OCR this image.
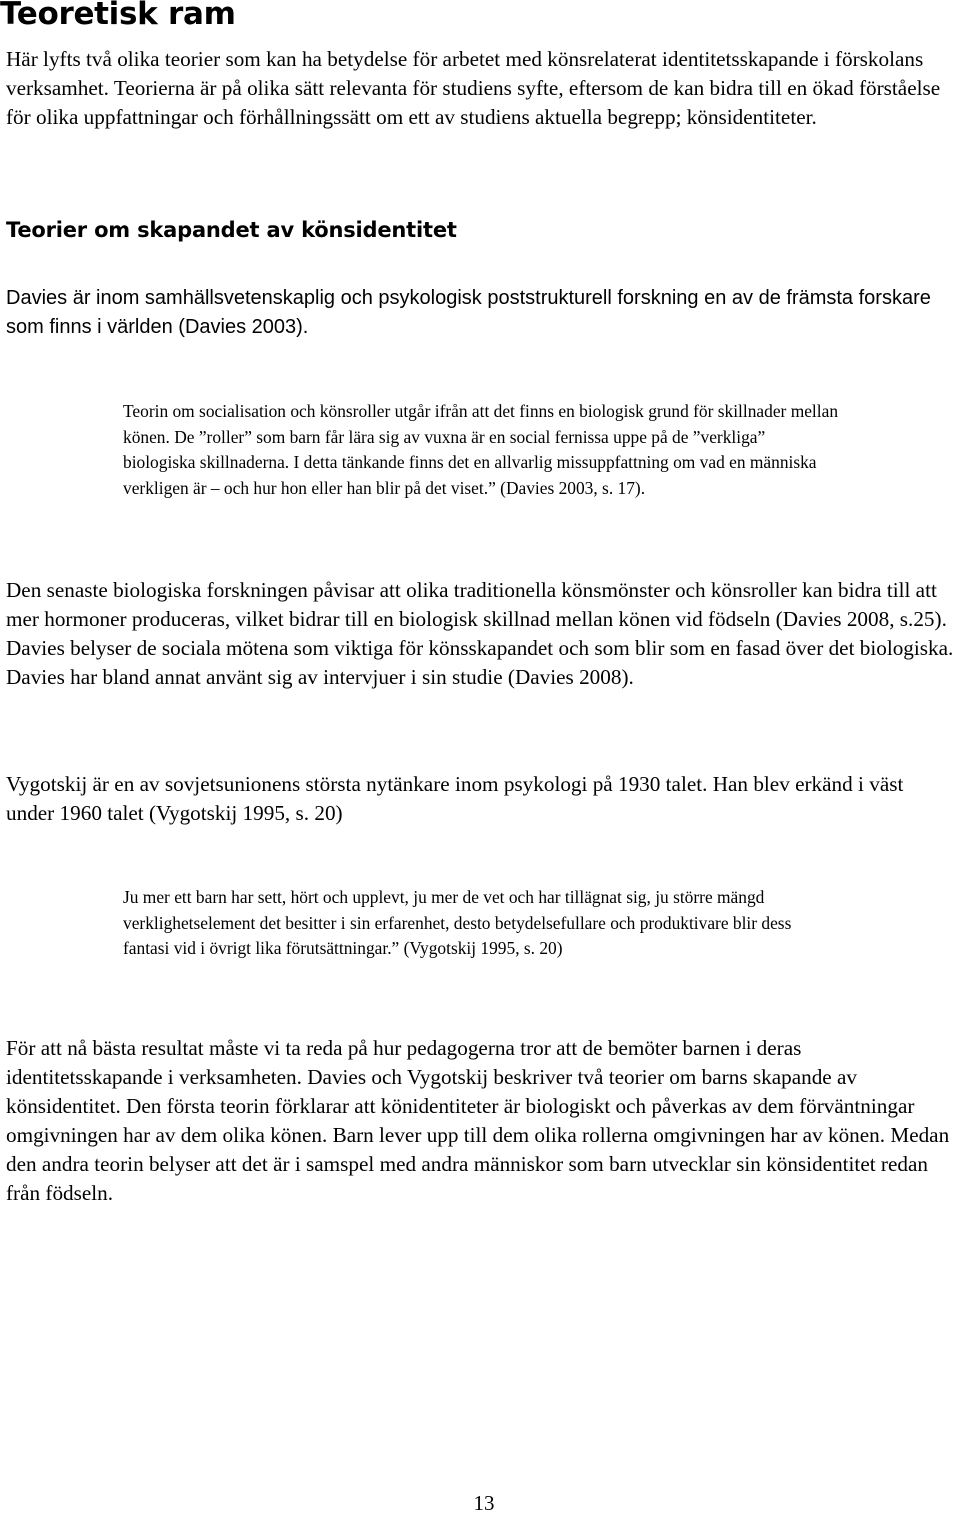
Teoretisk ram

Här lyfts två olika teorier som kan ha betydelse för arbetet med könsrelaterat identitetsskapande i förskolans verksamhet. Teorierna är på olika sätt relevanta för studiens syfte, eftersom de kan bidra till en ökad förståelse för olika uppfattningar och förhållningssätt om ett av studiens aktuella begrepp; könsidentiteter.

Teorier om skapandet av könsidentitet

Davies är inom samhällsvetenskaplig och psykologisk poststrukturell forskning en av de främsta forskare som finns i världen (Davies 2003).

Teorin om socialisation och könsroller utgår ifrån att det finns en biologisk grund för skillnader mellan könen. De ”roller” som barn får lära sig av vuxna är en social fernissa uppe på de ”verkliga” biologiska skillnaderna. I detta tänkande finns det en allvarlig missuppfattning om vad en människa verkligen är – och hur hon eller han blir på det viset.” (Davies 2003, s. 17).

Den senaste biologiska forskningen påvisar att olika traditionella könsmönster och könsroller kan bidra till att mer hormoner produceras, vilket bidrar till en biologisk skillnad mellan könen vid födseln (Davies 2008, s.25). Davies belyser de sociala mötena som viktiga för könsskapandet och som blir som en fasad över det biologiska. Davies har bland annat använt sig av intervjuer i sin studie (Davies 2008).

Vygotskij är en av sovjetsunionens största nytänkare inom psykologi på 1930 talet. Han blev erkänd i väst under 1960 talet (Vygotskij 1995, s. 20)

Ju mer ett barn har sett, hört och upplevt, ju mer de vet och har tillägnat sig, ju större mängd verklighetselement det besitter i sin erfarenhet, desto betydelsefullare och produktivare blir dess fantasi vid i övrigt lika förutsättningar.” (Vygotskij 1995, s. 20)

För att nå bästa resultat måste vi ta reda på hur pedagogerna tror att de bemöter barnen i deras identitetsskapande i verksamheten. Davies och Vygotskij beskriver två teorier om barns skapande av könsidentitet. Den första teorin förklarar att könidentiteter är biologiskt och påverkas av dem förväntningar omgivningen har av dem olika könen. Barn lever upp till dem olika rollerna omgivningen har av könen. Medan den andra teorin belyser att det är i samspel med andra människor som barn utvecklar sin könsidentitet redan från födseln.

13
